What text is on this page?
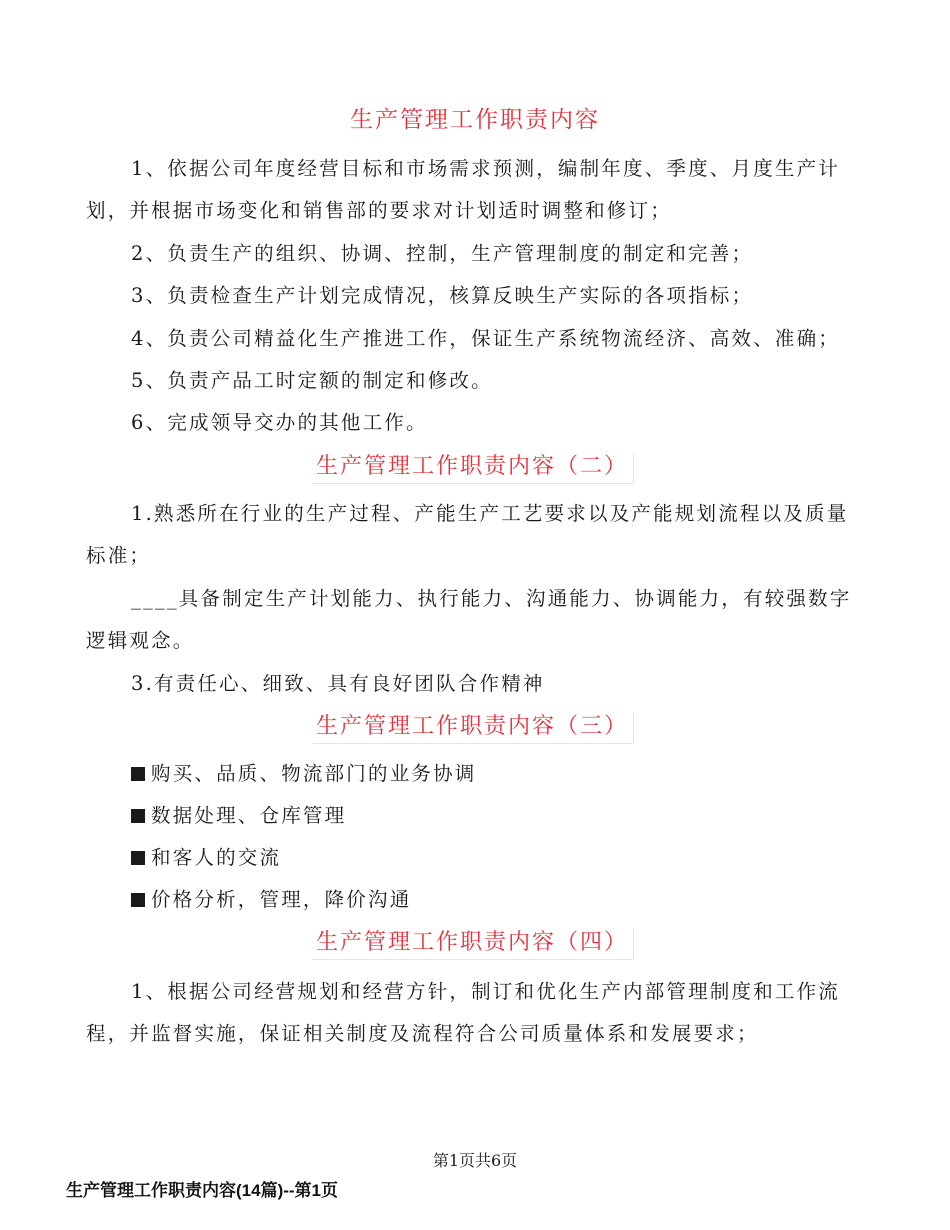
生产管理工作职责内容
1、依据公司年度经营目标和市场需求预测，编制年度、季度、月度生产计
划，并根据市场变化和销售部的要求对计划适时调整和修订；
2、负责生产的组织、协调、控制，生产管理制度的制定和完善；
3、负责检查生产计划完成情况，核算反映生产实际的各项指标；
4、负责公司精益化生产推进工作，保证生产系统物流经济、高效、准确；
5、负责产品工时定额的制定和修改。
6、完成领导交办的其他工作。
生产管理工作职责内容（二）
1.熟悉所在行业的生产过程、产能生产工艺要求以及产能规划流程以及质量
标准；
____具备制定生产计划能力、执行能力、沟通能力、协调能力，有较强数字
逻辑观念。
3.有责任心、细致、具有良好团队合作精神
生产管理工作职责内容（三）
购买、品质、物流部门的业务协调
数据处理、仓库管理
和客人的交流
价格分析，管理，降价沟通
生产管理工作职责内容（四）
1、根据公司经营规划和经营方针，制订和优化生产内部管理制度和工作流
程，并监督实施，保证相关制度及流程符合公司质量体系和发展要求；
第1页共6页
生产管理工作职责内容(14篇)--第1页
